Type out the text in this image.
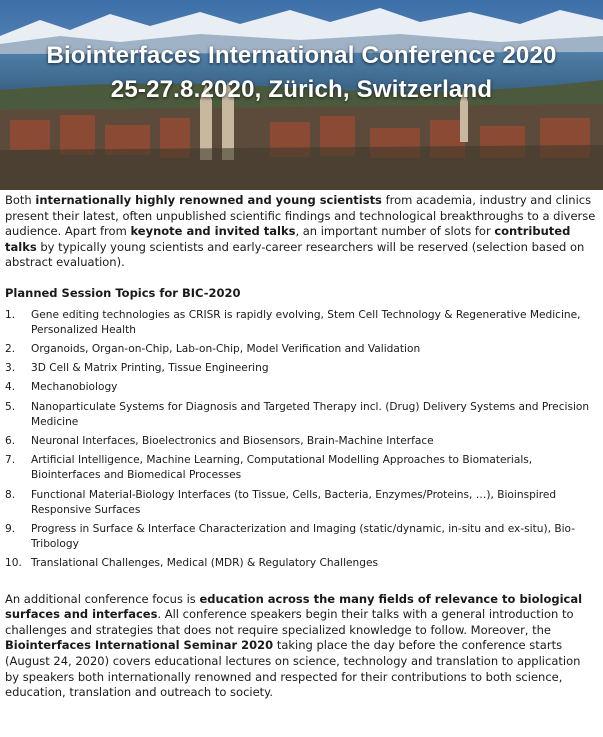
Biointerfaces International Conference 2020
25-27.8.2020, Zürich, Switzerland

Both internationally highly renowned and young scientists from academia, industry and clinics present their latest, often unpublished scientific findings and technological breakthroughs to a diverse audience. Apart from keynote and invited talks, an important number of slots for contributed talks by typically young scientists and early-career researchers will be reserved (selection based on abstract evaluation).

Planned Session Topics for BIC-2020
1.	Gene editing technologies as CRISR is rapidly evolving, Stem Cell Technology & Regenerative Medicine, Personalized Health
2.	Organoids, Organ-on-Chip, Lab-on-Chip, Model Verification and Validation
3.	3D Cell & Matrix Printing, Tissue Engineering
4.	Mechanobiology
5.	Nanoparticulate Systems for Diagnosis and Targeted Therapy incl. (Drug) Delivery Systems and Precision Medicine
6.	Neuronal Interfaces, Bioelectronics and Biosensors, Brain-Machine Interface
7.	Artificial Intelligence, Machine Learning, Computational Modelling Approaches to Biomaterials, Biointerfaces and Biomedical Processes
8.	Functional Material-Biology Interfaces (to Tissue, Cells, Bacteria, Enzymes/Proteins, …), Bioinspired Responsive Surfaces
9.	Progress in Surface & Interface Characterization and Imaging (static/dynamic, in-situ and ex-situ), Bio-Tribology
10. Translational Challenges, Medical (MDR) & Regulatory Challenges

An additional conference focus is education across the many fields of relevance to biological surfaces and interfaces. All conference speakers begin their talks with a general introduction to challenges and strategies that does not require specialized knowledge to follow. Moreover, the Biointerfaces International Seminar 2020 taking place the day before the conference starts (August 24, 2020) covers educational lectures on science, technology and translation to application by speakers both internationally renowned and respected for their contributions to both science, education, translation and outreach to society.
